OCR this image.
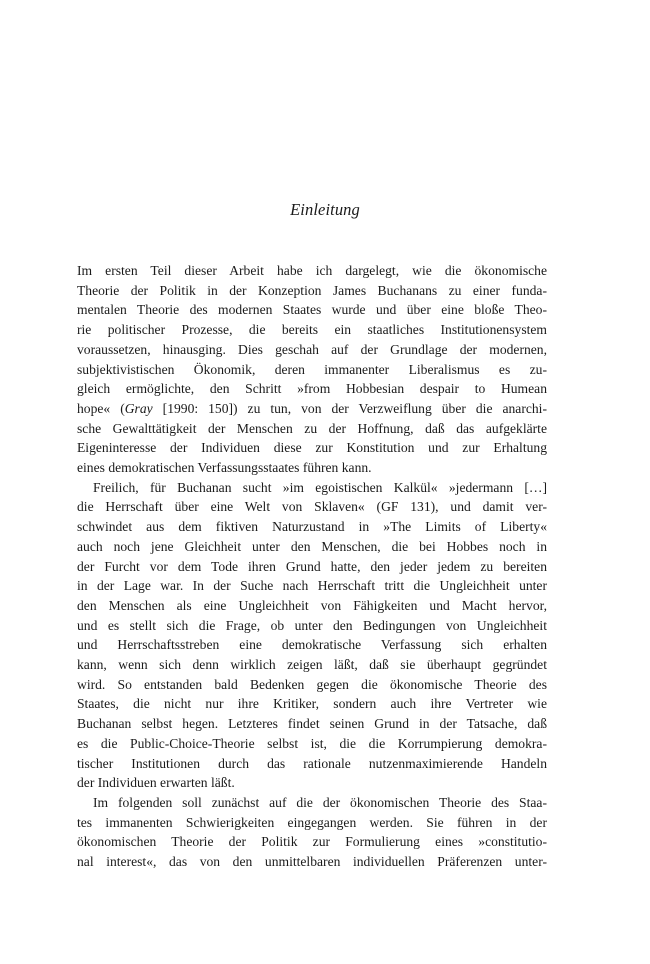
Einleitung
Im ersten Teil dieser Arbeit habe ich dargelegt, wie die ökonomische
Theorie der Politik in der Konzeption James Buchanans zu einer funda-
mentalen Theorie des modernen Staates wurde und über eine bloße Theo-
rie politischer Prozesse, die bereits ein staatliches Institutionensystem
voraussetzen, hinausging. Dies geschah auf der Grundlage der modernen,
subjektivistischen Ökonomik, deren immanenter Liberalismus es zu-
gleich ermöglichte, den Schritt »from Hobbesian despair to Humean
hope« (Gray [1990: 150]) zu tun, von der Verzweiflung über die anarchi-
sche Gewalttätigkeit der Menschen zu der Hoffnung, daß das aufgeklärte
Eigeninteresse der Individuen diese zur Konstitution und zur Erhaltung
eines demokratischen Verfassungsstaates führen kann.
Freilich, für Buchanan sucht »im egoistischen Kalkül« »jedermann […]
die Herrschaft über eine Welt von Sklaven« (GF 131), und damit ver-
schwindet aus dem fiktiven Naturzustand in »The Limits of Liberty«
auch noch jene Gleichheit unter den Menschen, die bei Hobbes noch in
der Furcht vor dem Tode ihren Grund hatte, den jeder jedem zu bereiten
in der Lage war. In der Suche nach Herrschaft tritt die Ungleichheit unter
den Menschen als eine Ungleichheit von Fähigkeiten und Macht hervor,
und es stellt sich die Frage, ob unter den Bedingungen von Ungleichheit
und Herrschaftsstreben eine demokratische Verfassung sich erhalten
kann, wenn sich denn wirklich zeigen läßt, daß sie überhaupt gegründet
wird. So entstanden bald Bedenken gegen die ökonomische Theorie des
Staates, die nicht nur ihre Kritiker, sondern auch ihre Vertreter wie
Buchanan selbst hegen. Letzteres findet seinen Grund in der Tatsache, daß
es die Public-Choice-Theorie selbst ist, die die Korrumpierung demokra-
tischer Institutionen durch das rationale nutzenmaximierende Handeln
der Individuen erwarten läßt.
Im folgenden soll zunächst auf die der ökonomischen Theorie des Staa-
tes immanenten Schwierigkeiten eingegangen werden. Sie führen in der
ökonomischen Theorie der Politik zur Formulierung eines »constitutio-
nal interest«, das von den unmittelbaren individuellen Präferenzen unter-
